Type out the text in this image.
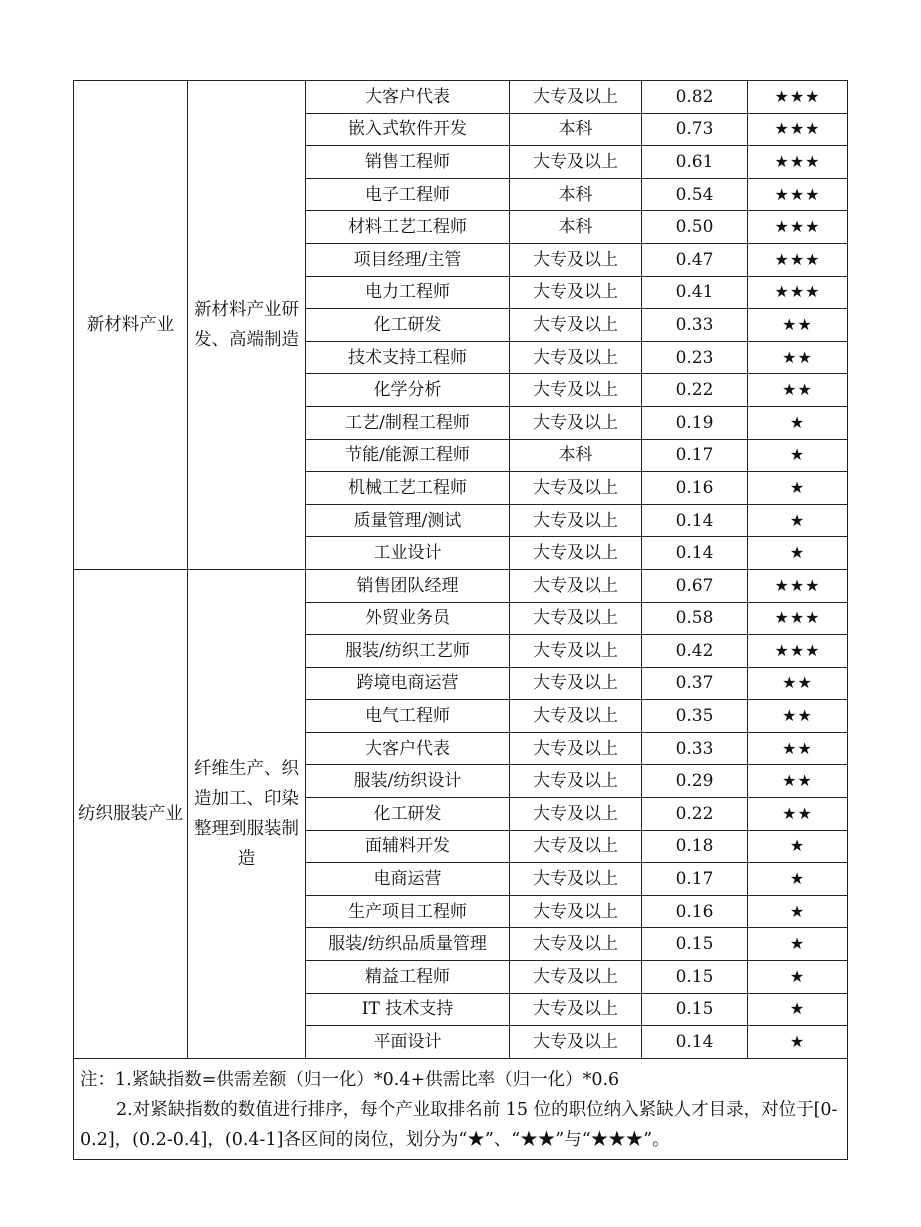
新材料产业	新材料产业研发、高端制造	大客户代表	大专及以上	0.82	★★★
		嵌入式软件开发	本科	0.73	★★★
		销售工程师	大专及以上	0.61	★★★
		电子工程师	本科	0.54	★★★
		材料工艺工程师	本科	0.50	★★★
		项目经理/主管	大专及以上	0.47	★★★
		电力工程师	大专及以上	0.41	★★★
		化工研发	大专及以上	0.33	★★
		技术支持工程师	大专及以上	0.23	★★
		化学分析	大专及以上	0.22	★★
		工艺/制程工程师	大专及以上	0.19	★
		节能/能源工程师	本科	0.17	★
		机械工艺工程师	大专及以上	0.16	★
		质量管理/测试	大专及以上	0.14	★
		工业设计	大专及以上	0.14	★
纺织服装产业	纤维生产、织造加工、印染整理到服装制造	销售团队经理	大专及以上	0.67	★★★
		外贸业务员	大专及以上	0.58	★★★
		服装/纺织工艺师	大专及以上	0.42	★★★
		跨境电商运营	大专及以上	0.37	★★
		电气工程师	大专及以上	0.35	★★
		大客户代表	大专及以上	0.33	★★
		服装/纺织设计	大专及以上	0.29	★★
		化工研发	大专及以上	0.22	★★
		面辅料开发	大专及以上	0.18	★
		电商运营	大专及以上	0.17	★
		生产项目工程师	大专及以上	0.16	★
		服装/纺织品质量管理	大专及以上	0.15	★
		精益工程师	大专及以上	0.15	★
		IT 技术支持	大专及以上	0.15	★
		平面设计	大专及以上	0.14	★

注：1.紧缺指数=供需差额（归一化）*0.4+供需比率（归一化）*0.6
2.对紧缺指数的数值进行排序，每个产业取排名前 15 位的职位纳入紧缺人才目录，对位于[0-0.2]，(0.2-0.4]，(0.4-1]各区间的岗位，划分为“★”、“★★”与“★★★”。					
